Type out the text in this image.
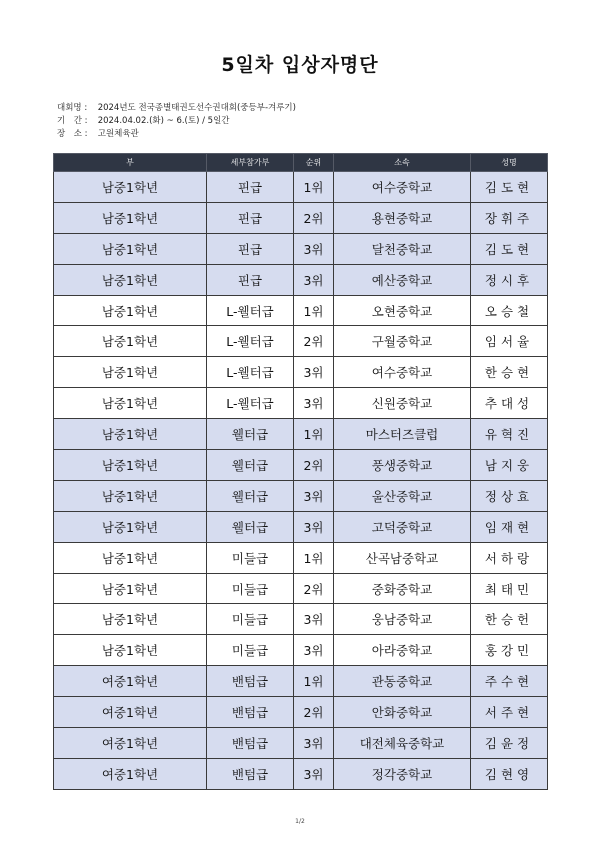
5일차 입상자명단
대회명 : 2024년도 전국종별태권도선수권대회(중등부-겨루기)
기　간 : 2024.04.02.(화) ~ 6.(토) / 5일간
장　소 : 고원체육관
부	세부참가부	순위	소속	성명
남중1학년	핀급	1위	여수중학교	김도현
남중1학년	핀급	2위	용현중학교	장휘주
남중1학년	핀급	3위	달천중학교	김도현
남중1학년	핀급	3위	예산중학교	정시후
남중1학년	L-웰터급	1위	오현중학교	오승철
남중1학년	L-웰터급	2위	구월중학교	임서율
남중1학년	L-웰터급	3위	여수중학교	한승현
남중1학년	L-웰터급	3위	신원중학교	추대성
남중1학년	웰터급	1위	마스터즈클럽	유혁진
남중1학년	웰터급	2위	풍생중학교	남지웅
남중1학년	웰터급	3위	울산중학교	정상효
남중1학년	웰터급	3위	고덕중학교	임재현
남중1학년	미들급	1위	산곡남중학교	서하랑
남중1학년	미들급	2위	중화중학교	최태민
남중1학년	미들급	3위	웅남중학교	한승헌
남중1학년	미들급	3위	아라중학교	홍강민
여중1학년	밴텀급	1위	관동중학교	주수현
여중1학년	밴텀급	2위	안화중학교	서주현
여중1학년	밴텀급	3위	대전체육중학교	김윤정
여중1학년	밴텀급	3위	정각중학교	김현영
1/2
